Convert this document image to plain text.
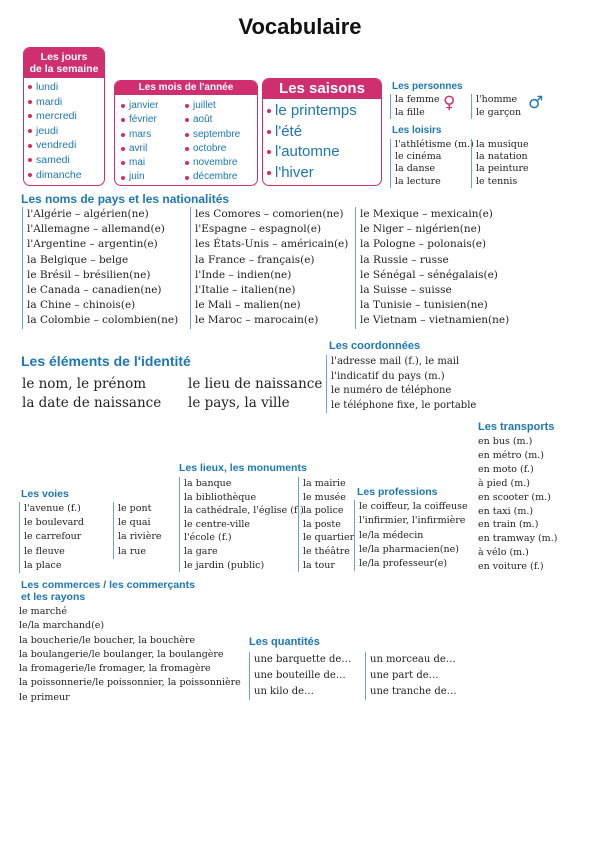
Vocabulaire
Les jours
de la semaine
lundi
mardi
mercredi
jeudi
vendredi
samedi
dimanche
Les mois de l'année
janvier
février
mars
avril
mai
juin
juillet
août
septembre
octobre
novembre
décembre
Les saisons
le printemps
l'été
l'automne
l'hiver
Les personnes
la femme
la fille	♀ l'homme
le garçon ♂
Les loisirs
l'athlétisme (m.)
le cinéma
la danse
la lecture
la musique
la natation
la peinture
le tennis
Les noms de pays et les nationalités
l'Algérie – algérien(ne)
l'Allemagne – allemand(e)
l'Argentine – argentin(e)
la Belgique – belge
le Brésil – brésilien(ne)
le Canada – canadien(ne)
la Chine – chinois(e)
la Colombie – colombien(ne)
les Comores – comorien(ne)
l'Espagne – espagnol(e)
les États-Unis – américain(e)
la France – français(e)
l'Inde – indien(ne)
l'Italie – italien(ne)
le Mali – malien(ne)
le Maroc – marocain(e)
le Mexique – mexicain(e)
le Niger – nigérien(ne)
la Pologne – polonais(e)
la Russie – russe
le Sénégal – sénégalais(e)
la Suisse – suisse
la Tunisie – tunisien(ne)
le Vietnam – vietnamien(ne)
Les éléments de l'identité
le nom, le prénom
la date de naissance
le lieu de naissance
le pays, la ville
Les coordonnées
l'adresse mail (f.), le mail
l'indicatif du pays (m.)
le numéro de téléphone
le téléphone fixe, le portable
Les transports
en bus (m.)
en métro (m.)
en moto (f.)
à pied (m.)
en scooter (m.)
en taxi (m.)
en train (m.)
en tramway (m.)
à vélo (m.)
en voiture (f.)
Les lieux, les monuments
la banque
la bibliothèque
la cathédrale, l'église (f.)
le centre-ville
l'école (f.)
la gare
le jardin (public)
la mairie
le musée
la police
la poste
le quartier
le théâtre
la tour
Les voies
l'avenue (f.)
le boulevard
le carrefour
le fleuve
la place
le pont
le quai
la rivière
la rue
Les professions
le coiffeur, la coiffeuse
l'infirmier, l'infirmière
le/la médecin
le/la pharmacien(ne)
le/la professeur(e)
Les commerces / les commerçants
et les rayons
le marché
le/la marchand(e)
la boucherie/le boucher, la bouchère
la boulangerie/le boulanger, la boulangère
la fromagerie/le fromager, la fromagère
la poissonnerie/le poissonnier, la poissonnière
le primeur
Les quantités
une barquette de…
une bouteille de…
un kilo de…
un morceau de…
une part de…
une tranche de…
